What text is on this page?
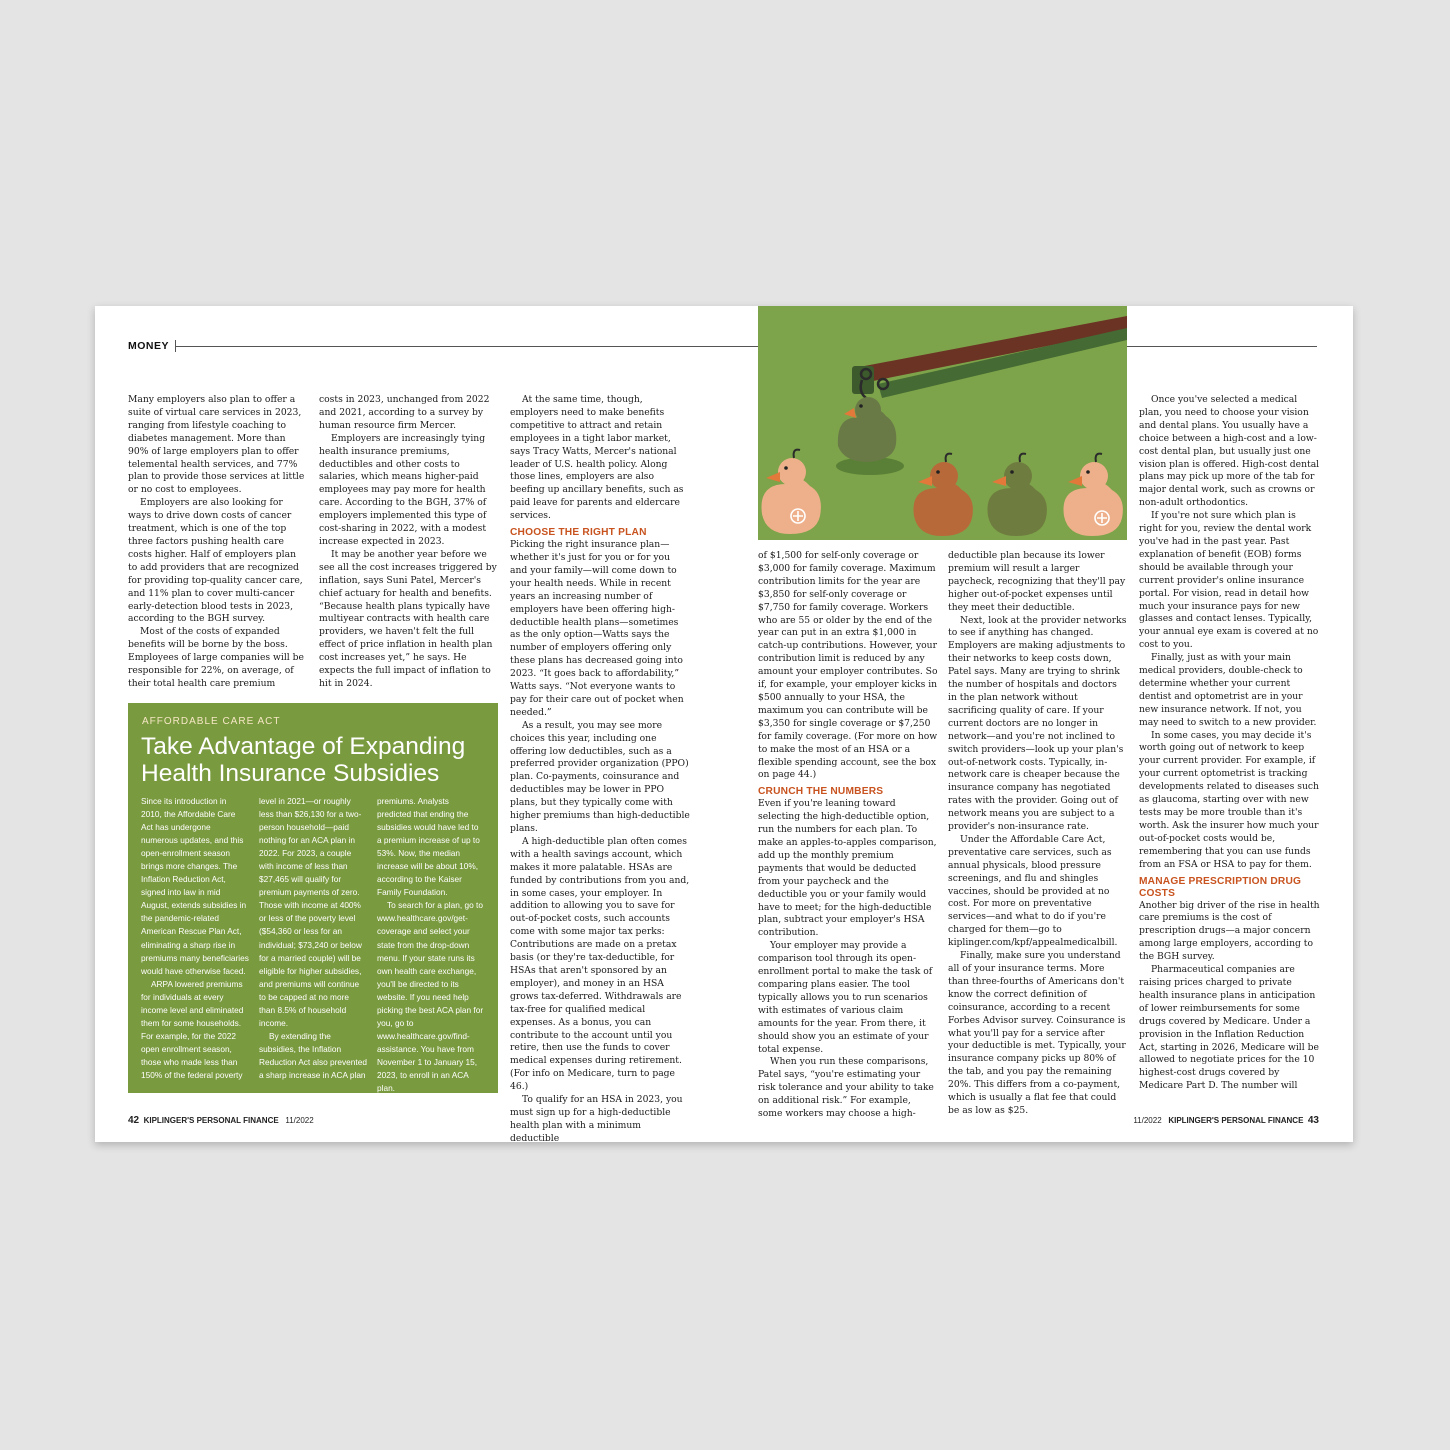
MONEY

Many employers also plan to offer a suite of virtual care services in 2023, ranging from lifestyle coaching to diabetes management. More than 90% of large employers plan to offer telemental health services, and 77% plan to provide those services at little or no cost to employees.

Employers are also looking for ways to drive down costs of cancer treatment, which is one of the top three factors pushing health care costs higher. Half of employers plan to add providers that are recognized for providing top-quality cancer care, and 11% plan to cover multi-cancer early-detection blood tests in 2023, according to the BGH survey.

Most of the costs of expanded benefits will be borne by the boss. Employees of large companies will be responsible for 22%, on average, of their total health care premium

costs in 2023, unchanged from 2022 and 2021, according to a survey by human resource firm Mercer.

Employers are increasingly tying health insurance premiums, deductibles and other costs to salaries, which means higher-paid employees may pay more for health care. According to the BGH, 37% of employers implemented this type of cost-sharing in 2022, with a modest increase expected in 2023.

It may be another year before we see all the cost increases triggered by inflation, says Suni Patel, Mercer's chief actuary for health and benefits. “Because health plans typically have multiyear contracts with health care providers, we haven't felt the full effect of price inflation in health plan cost increases yet,” he says. He expects the full impact of inflation to hit in 2024.

At the same time, though, employers need to make benefits competitive to attract and retain employees in a tight labor market, says Tracy Watts, Mercer's national leader of U.S. health policy. Along those lines, employers are also beefing up ancillary benefits, such as paid leave for parents and eldercare services.

CHOOSE THE RIGHT PLAN

Picking the right insurance plan—whether it's just for you or for you and your family—will come down to your health needs. While in recent years an increasing number of employers have been offering high-deductible health plans—sometimes as the only option—Watts says the number of employers offering only these plans has decreased going into 2023. “It goes back to affordability,” Watts says. “Not everyone wants to pay for their care out of pocket when needed.”

As a result, you may see more choices this year, including one offering low deductibles, such as a preferred provider organization (PPO) plan. Co-payments, coinsurance and deductibles may be lower in PPO plans, but they typically come with higher premiums than high-deductible plans.

A high-deductible plan often comes with a health savings account, which makes it more palatable. HSAs are funded by contributions from you and, in some cases, your employer. In addition to allowing you to save for out-of-pocket costs, such accounts come with some major tax perks: Contributions are made on a pretax basis (or they're tax-deductible, for HSAs that aren't sponsored by an employer), and money in an HSA grows tax-deferred. Withdrawals are tax-free for qualified medical expenses. As a bonus, you can contribute to the account until you retire, then use the funds to cover medical expenses during retirement. (For info on Medicare, turn to page 46.)

To qualify for an HSA in 2023, you must sign up for a high-deductible health plan with a minimum deductible

AFFORDABLE CARE ACT
Take Advantage of Expanding Health Insurance Subsidies

Since its introduction in 2010, the Affordable Care Act has undergone numerous updates, and this open-enrollment season brings more changes. The Inflation Reduction Act, signed into law in mid August, extends subsidies in the pandemic-related American Rescue Plan Act, eliminating a sharp rise in premiums many beneficiaries would have otherwise faced.

ARPA lowered premiums for individuals at every income level and eliminated them for some households. For example, for the 2022 open enrollment season, those who made less than 150% of the federal poverty

level in 2021—or roughly less than $26,130 for a two-person household—paid nothing for an ACA plan in 2022. For 2023, a couple with income of less than $27,465 will qualify for premium payments of zero. Those with income at 400% or less of the poverty level ($54,360 or less for an individual; $73,240 or below for a married couple) will be eligible for higher subsidies, and premiums will continue to be capped at no more than 8.5% of household income.

By extending the subsidies, the Inflation Reduction Act also prevented a sharp increase in ACA plan

premiums. Analysts predicted that ending the subsidies would have led to a premium increase of up to 53%. Now, the median increase will be about 10%, according to the Kaiser Family Foundation.

To search for a plan, go to www.healthcare.gov/get-coverage and select your state from the drop-down menu. If your state runs its own health care exchange, you'll be directed to its website. If you need help picking the best ACA plan for you, go to www.healthcare.gov/find-assistance. You have from November 1 to January 15, 2023, to enroll in an ACA plan.

of $1,500 for self-only coverage or $3,000 for family coverage. Maximum contribution limits for the year are $3,850 for self-only coverage or $7,750 for family coverage. Workers who are 55 or older by the end of the year can put in an extra $1,000 in catch-up contributions. However, your contribution limit is reduced by any amount your employer contributes. So if, for example, your employer kicks in $500 annually to your HSA, the maximum you can contribute will be $3,350 for single coverage or $7,250 for family coverage. (For more on how to make the most of an HSA or a flexible spending account, see the box on page 44.)

CRUNCH THE NUMBERS

Even if you're leaning toward selecting the high-deductible option, run the numbers for each plan. To make an apples-to-apples comparison, add up the monthly premium payments that would be deducted from your paycheck and the deductible you or your family would have to meet; for the high-deductible plan, subtract your employer's HSA contribution.

Your employer may provide a comparison tool through its open-enrollment portal to make the task of comparing plans easier. The tool typically allows you to run scenarios with estimates of various claim amounts for the year. From there, it should show you an estimate of your total expense.

When you run these comparisons, Patel says, “you're estimating your risk tolerance and your ability to take on additional risk.” For example, some workers may choose a high-

deductible plan because its lower premium will result a larger paycheck, recognizing that they'll pay higher out-of-pocket expenses until they meet their deductible.

Next, look at the provider networks to see if anything has changed. Employers are making adjustments to their networks to keep costs down, Patel says. Many are trying to shrink the number of hospitals and doctors in the plan network without sacrificing quality of care. If your current doctors are no longer in network—and you're not inclined to switch providers—look up your plan's out-of-network costs. Typically, in-network care is cheaper because the insurance company has negotiated rates with the provider. Going out of network means you are subject to a provider's non-insurance rate.

Under the Affordable Care Act, preventative care services, such as annual physicals, blood pressure screenings, and flu and shingles vaccines, should be provided at no cost. For more on preventative services—and what to do if you're charged for them—go to kiplinger.com/kpf/appealmedicalbill.

Finally, make sure you understand all of your insurance terms. More than three-fourths of Americans don't know the correct definition of coinsurance, according to a recent Forbes Advisor survey. Coinsurance is what you'll pay for a service after your deductible is met. Typically, your insurance company picks up 80% of the tab, and you pay the remaining 20%. This differs from a co-payment, which is usually a flat fee that could be as low as $25.

Once you've selected a medical plan, you need to choose your vision and dental plans. You usually have a choice between a high-cost and a low-cost dental plan, but usually just one vision plan is offered. High-cost dental plans may pick up more of the tab for major dental work, such as crowns or non-adult orthodontics.

If you're not sure which plan is right for you, review the dental work you've had in the past year. Past explanation of benefit (EOB) forms should be available through your current provider's online insurance portal. For vision, read in detail how much your insurance pays for new glasses and contact lenses. Typically, your annual eye exam is covered at no cost to you.

Finally, just as with your main medical providers, double-check to determine whether your current dentist and optometrist are in your new insurance network. If not, you may need to switch to a new provider.

In some cases, you may decide it's worth going out of network to keep your current provider. For example, if your current optometrist is tracking developments related to diseases such as glaucoma, starting over with new tests may be more trouble than it's worth. Ask the insurer how much your out-of-pocket costs would be, remembering that you can use funds from an FSA or HSA to pay for them.

MANAGE PRESCRIPTION DRUG COSTS

Another big driver of the rise in health care premiums is the cost of prescription drugs—a major concern among large employers, according to the BGH survey.

Pharmaceutical companies are raising prices charged to private health insurance plans in anticipation of lower reimbursements for some drugs covered by Medicare. Under a provision in the Inflation Reduction Act, starting in 2026, Medicare will be allowed to negotiate prices for the 10 highest-cost drugs covered by Medicare Part D. The number will

42 KIPLINGER'S PERSONAL FINANCE 11/2022	11/2022 KIPLINGER'S PERSONAL FINANCE 43
